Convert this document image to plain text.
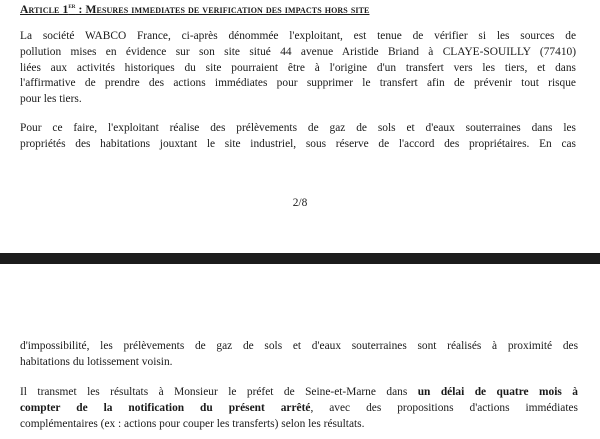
Article 1er : Mesures immediates de verification des impacts hors site

La société WABCO France, ci-après dénommée l'exploitant, est tenue de vérifier si les sources de
pollution mises en évidence sur son site situé 44 avenue Aristide Briand à CLAYE-SOUILLY (77410)
liées aux activités historiques du site pourraient être à l'origine d'un transfert vers les tiers, et dans
l'affirmative de prendre des actions immédiates pour supprimer le transfert afin de prévenir tout risque
pour les tiers.

Pour ce faire, l'exploitant réalise des prélèvements de gaz de sols et d'eaux souterraines dans les
propriétés des habitations jouxtant le site industriel, sous réserve de l'accord des propriétaires. En cas

2/8

d'impossibilité, les prélèvements de gaz de sols et d'eaux souterraines sont réalisés à proximité des
habitations du lotissement voisin.

Il transmet les résultats à Monsieur le préfet de Seine-et-Marne dans un délai de quatre mois à
compter de la notification du présent arrêté, avec des propositions d'actions immédiates
complémentaires (ex : actions pour couper les transferts) selon les résultats.
